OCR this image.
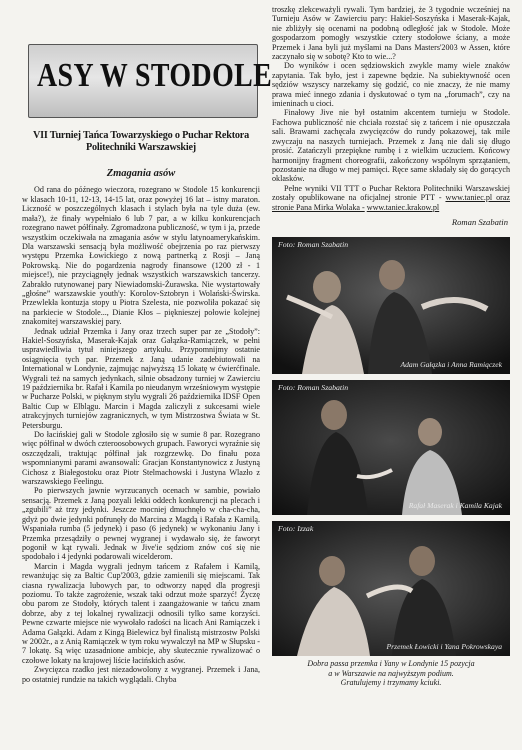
ASY W STODOLE
VII Turniej Tańca Towarzyskiego o Puchar Rektora Politechniki Warszawskiej
Zmagania asów

Od rana do późnego wieczora, rozegrano w Stodole 15 konkurencji w klasach 10-11, 12-13, 14-15 lat, oraz powyżej 16 lat – istny maraton. Liczność w poszczególnych klasach i stylach była na tyle duża (ew. mała?), że finały wypełniało 6 lub 7 par, a w kilku konkurencjach rozegrano nawet półfinały. Zgromadzona publiczność, w tym i ja, przede wszystkim oczekiwała na zmagania asów w stylu latynoamerykańskim. Dla warszawski sensacją była możliwość obejrzenia po raz pierwszy występu Przemka Łowickiego z nową partnerką z Rosji – Janą Pokrowską. Nie do pogardzenia nagrody finansowe (1200 zł - 1 miejsce!), nie przyciągnęły jednak wszystkich warszawskich tancerzy. Zabrakło rutynowanej pary Niewiadomski-Żurawska. Nie wystartowały „głośne” warszawskie youth'y: Korolov-Sztobryn i Wolański-Świrska. Przewlekła kontuzja stopy u Piotra Szelesta, nie pozwoliła pokazać się na parkiecie w Stodole..., Dianie Kłos – pięknieszej połowie kolejnej znakomitej warszawskiej pary.

Jednak udział Przemka i Jany oraz trzech super par ze „Stodoły”: Hakiel-Soszyńska, Maserak-Kajak oraz Gałązka-Ramiączek, w pełni usprawiedliwia tytuł niniejszego artykułu. Przypomnijmy ostatnie osiągnięcia tych par. Przemek z Janą udanie zadebiutowali na International w Londynie, zajmując najwyższą 15 lokatę w ćwierćfinale. Wygrali też na samych jedynkach, silnie obsadzony turniej w Zawierciu 19 października br. Rafał i Kamila po nieudanym wrześniowym występie w Pucharze Polski, w pięknym stylu wygrali 26 października IDSF Open Baltic Cup w Elblągu. Marcin i Magda zaliczyli z sukcesami wiele atrakcyjnych turniejów zagranicznych, w tym Mistrzostwa Świata w St. Petersburgu.

Do łacińskiej gali w Stodole zgłosiło się w sumie 8 par. Rozegrano więc półfinał w dwóch czteroosobowych grupach. Faworyci wyraźnie się oszczędzali, traktując półfinał jak rozgrzewkę. Do finału poza wspomnianymi parami awansowali: Gracjan Konstantynowicz z Justyną Cichosz z Białegostoku oraz Piotr Stelmachowski i Justyna Wlazło z warszawskiego Feelingu.

Po pierwszych jawnie wyrzucanych ocenach w sambie, powiało sensacją. Przemek z Janą pozyali lekki oddech konkurencji na plecach i „zgubili” aż trzy jedynki. Jeszcze mocniej dmuchnęło w cha-cha-cha, gdyż po dwie jedynki pofrunęły do Marcina z Magdą i Rafała z Kamilą. Wspaniała rumba (5 jedynek) i paso (6 jedynek) w wykonaniu Jany i Przemka przesądziły o pewnej wygranej i wydawało się, że faworyt pogonił w kąt rywali. Jednak w Jive'ie sędziom znów coś się nie spodobało i 4 jedynki podarowali wicelderom.

Marcin i Magda wygrali jednym tańcem z Rafałem i Kamilą, rewanżując się za Baltic Cup'2003, gdzie zamienili się miejscami. Tak ciasna rywalizacja lubowych par, to odtworzy napęd dla progresji poziomu. To także zagrożenie, wszak taki odrzut może sparzyć! Życzę obu parom ze Stodoły, których talent i zaangażowanie w tańcu znam dobrze, aby z tej lokalnej rywalizacji odnosili tylko same korzyści. Pewne czwarte miejsce nie wywołało radości na licach Ani Ramiączek i Adama Gałązki. Adam z Kingą Bielewicz był finalistą mistrzostw Polski w 2002r., a z Anią Ramiączek w tym roku wywalczył na MP w Słupsku - 7 lokatę. Są więc uzasadnione ambicje, aby skutecznie rywalizować o czołowe lokaty na krajowej liście łacińskich asów.

Zwycięzca rzadko jest niezadowolony z wygranej. Przemek i Jana, po ostatniej rundzie na takich wyglądali. Chyba

troszkę zlekceważyli rywali. Tym bardziej, że 3 tygodnie wcześniej na Turnieju Asów w Zawierciu pary: Hakiel-Soszyńska i Maserak-Kajak, nie zbliżyły się ocenami na podobną odległość jak w Stodole. Może gospodarzom pomogły wszystkie cztery stodołowe ściany, a może Przemek i Jana byli już myślami na Dans Masters'2003 w Assen, które zaczynało się w sobotę? Kto to wie...?

Do wyników i ocen sędziowskich zwykle mamy wiele znaków zapytania. Tak było, jest i zapewne będzie. Na subiektywność ocen sędziów wszyscy narzekamy się godzić, co nie znaczy, że nie mamy prawa mieć innego zdania i dyskutować o tym na „forumach”, czy na imieninach u cioci.

Finałowy Jive nie był ostatnim akcentem turnieju w Stodole. Fachowa publiczność nie chciała rozstać się z tańcem i nie opuszczała sali. Brawami zachęcała zwycięzców do rundy pokazowej, tak mile zwyczaju na naszych turniejach. Przemek z Janą nie dali się długo prosić. Zatańczyli przepiękne rumbę i z wielkim uczuciem. Końcowy harmonijny fragment choreografii, zakończony wspólnym sprzątaniem, pozostanie na długo w mej pamięci. Ręce same składały się do gorących oklasków.

Pełne wyniki VII TTT o Puchar Rektora Politechniki Warszawskiej zostały opublikowane na oficjalnej stronie PTT - www.taniec.pl oraz stronie Pana Mirka Wolaka - www.taniec.krakow.pl

Roman Szabatin
Foto: Roman Szabatin
Adam Gałązka i Anna Ramiączek
Foto: Roman Szabatin
Rafał Maserak i Kamila Kajak
Foto: Izzak
Przemek Łowicki i Yana Pokrowskaya
Dobra passa przemka i Yany w Londynie 15 pozycja
a w Warszawie na najwyższym podium.
Gratulujemy i trzymamy kciuki.
